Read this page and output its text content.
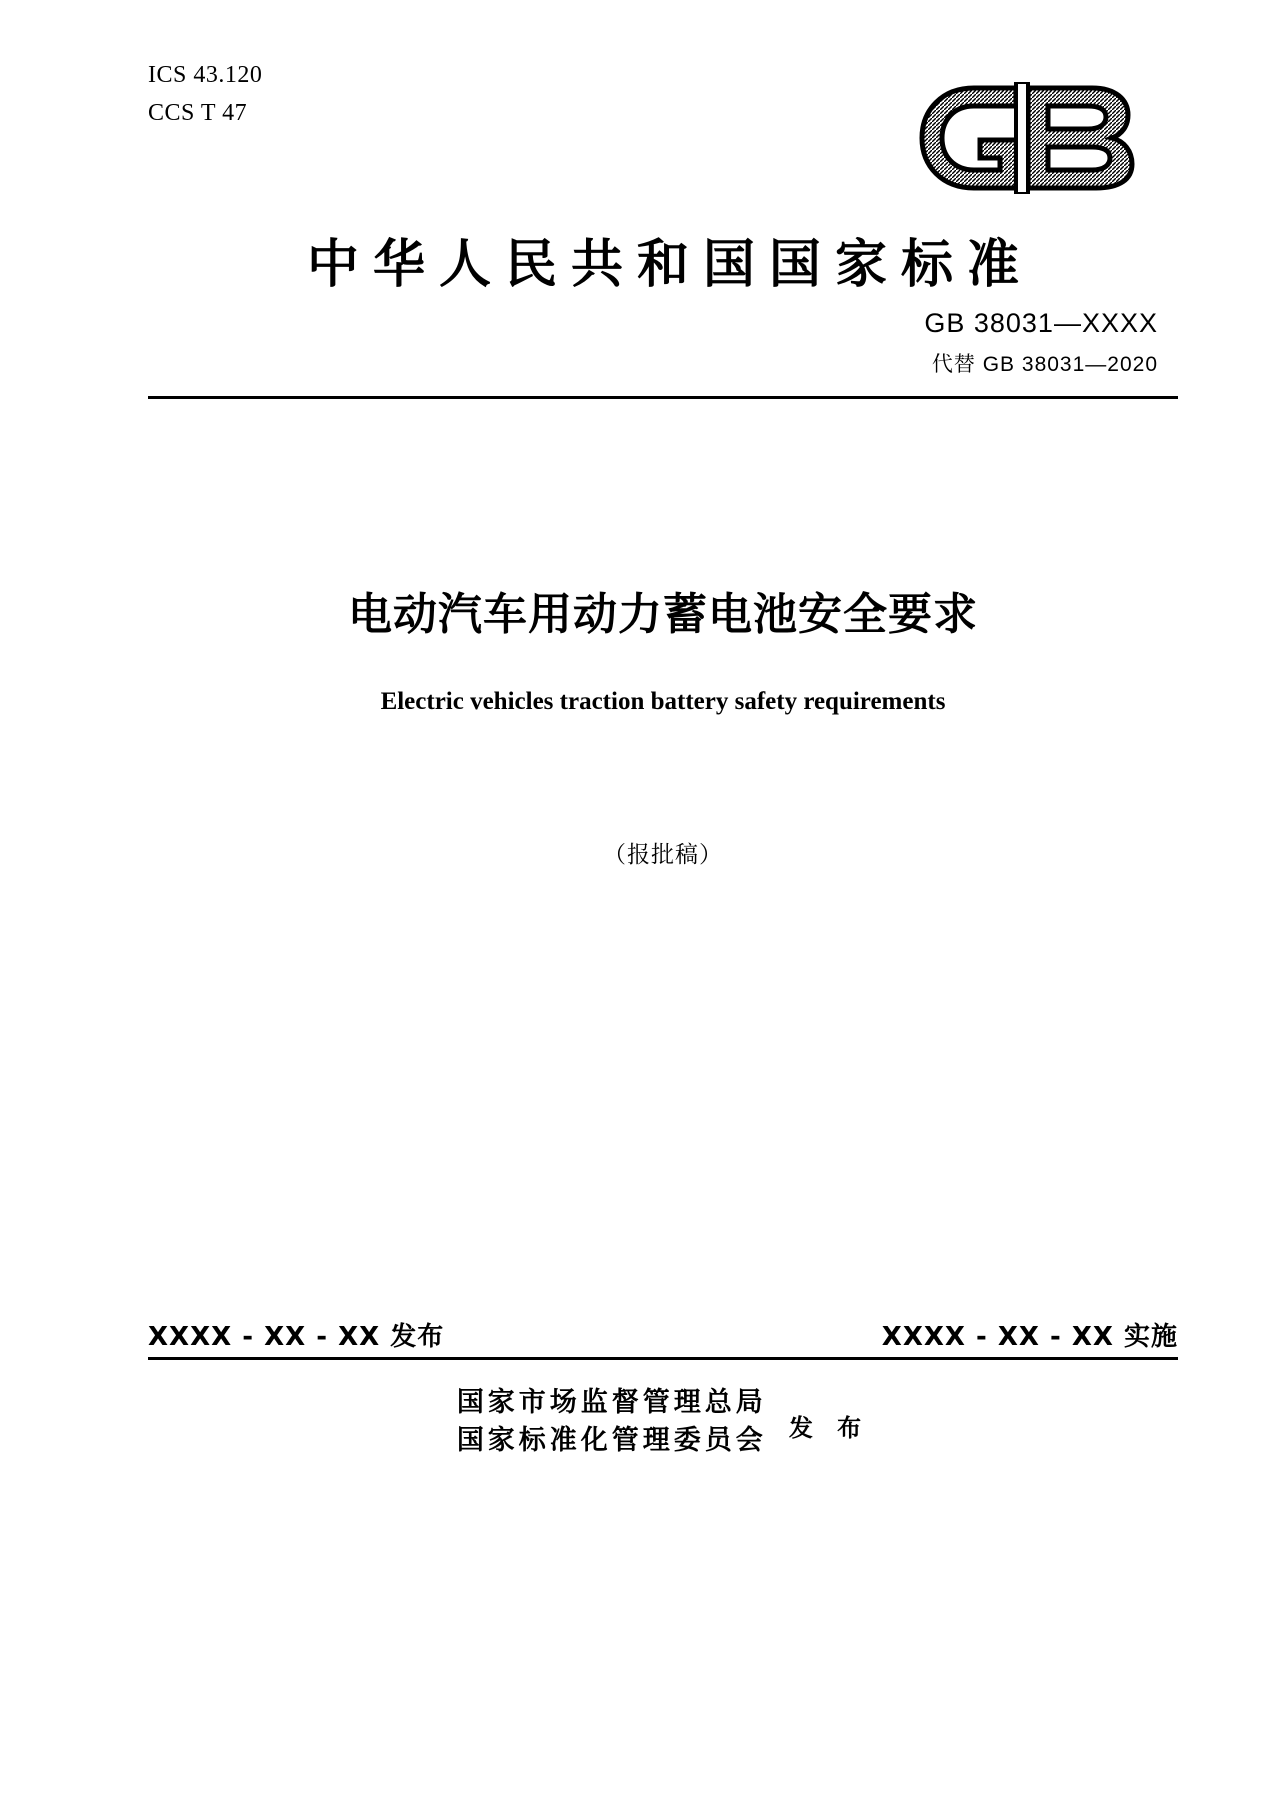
ICS 43.120
CCS T 47
中华人民共和国国家标准
GB 38031—XXXX
代替 GB 38031—2020
电动汽车用动力蓄电池安全要求
Electric vehicles traction battery safety requirements
（报批稿）
XXXX - XX - XX 发布	XXXX - XX - XX 实施
国家市场监督管理总局
国家标准化管理委员会 发 布
